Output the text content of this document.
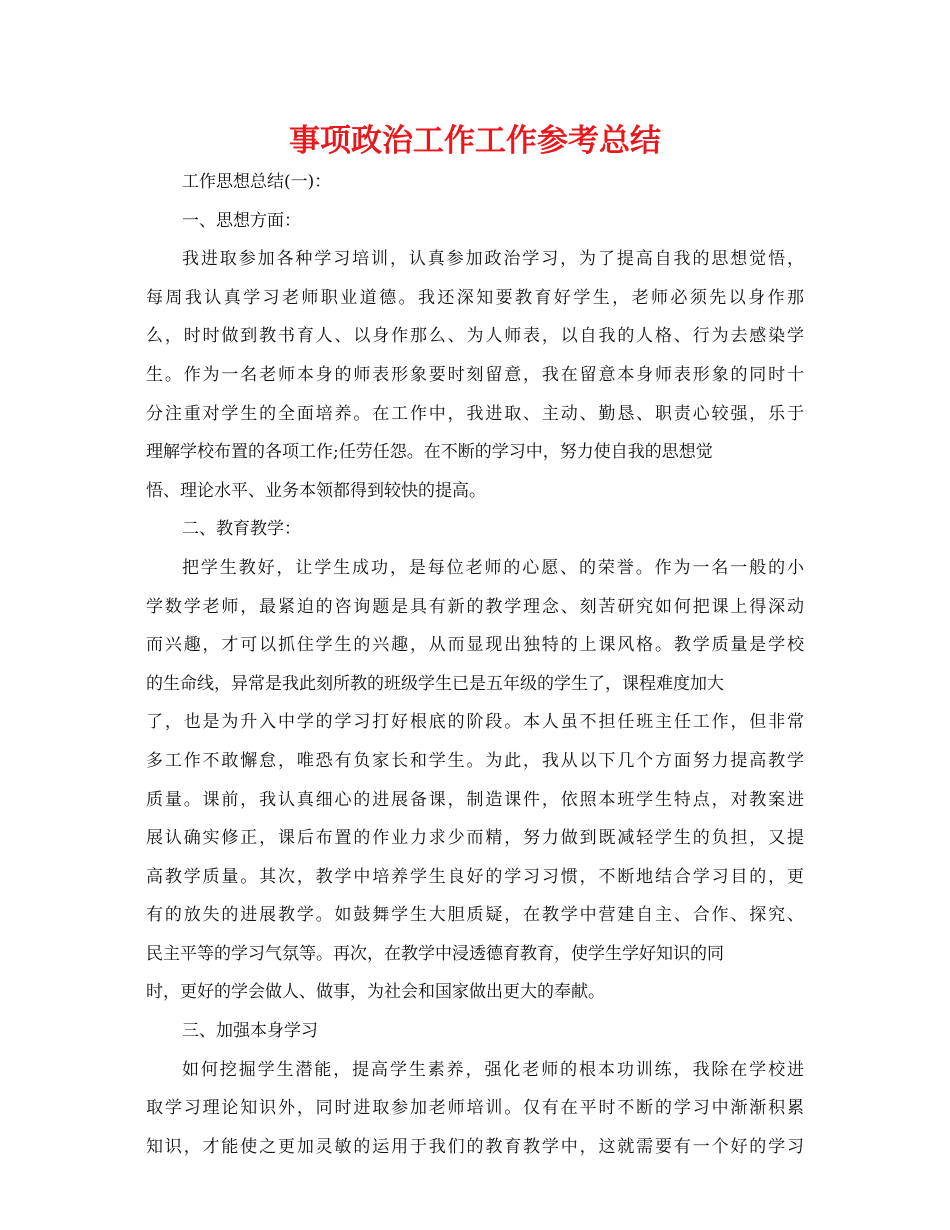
事项政治工作工作参考总结
工作思想总结(一)：
一、思想方面：
我进取参加各种学习培训，认真参加政治学习，为了提高自我的思想觉悟，
每周我认真学习老师职业道德。我还深知要教育好学生，老师必须先以身作那
么，时时做到教书育人、以身作那么、为人师表，以自我的人格、行为去感染学
生。作为一名老师本身的师表形象要时刻留意，我在留意本身师表形象的同时十
分注重对学生的全面培养。在工作中，我进取、主动、勤恳、职责心较强，乐于
理解学校布置的各项工作;任劳任怨。在不断的学习中，努力使自我的思想觉
悟、理论水平、业务本领都得到较快的提高。
二、教育教学：
把学生教好，让学生成功，是每位老师的心愿、的荣誉。作为一名一般的小
学数学老师，最紧迫的咨询题是具有新的教学理念、刻苦研究如何把课上得深动
而兴趣，才可以抓住学生的兴趣，从而显现出独特的上课风格。教学质量是学校
的生命线，异常是我此刻所教的班级学生已是五年级的学生了，课程难度加大
了，也是为升入中学的学习打好根底的阶段。本人虽不担任班主任工作，但非常
多工作不敢懈怠，唯恐有负家长和学生。为此，我从以下几个方面努力提高教学
质量。课前，我认真细心的进展备课，制造课件，依照本班学生特点，对教案进
展认确实修正，课后布置的作业力求少而精，努力做到既减轻学生的负担，又提
高教学质量。其次，教学中培养学生良好的学习习惯，不断地结合学习目的，更
有的放失的进展教学。如鼓舞学生大胆质疑，在教学中营建自主、合作、探究、
民主平等的学习气氛等。再次，在教学中浸透德育教育，使学生学好知识的同
时，更好的学会做人、做事，为社会和国家做出更大的奉献。
三、加强本身学习
如何挖掘学生潜能，提高学生素养，强化老师的根本功训练，我除在学校进
取学习理论知识外，同时进取参加老师培训。仅有在平时不断的学习中渐渐积累
知识，才能使之更加灵敏的运用于我们的教育教学中，这就需要有一个好的学习
